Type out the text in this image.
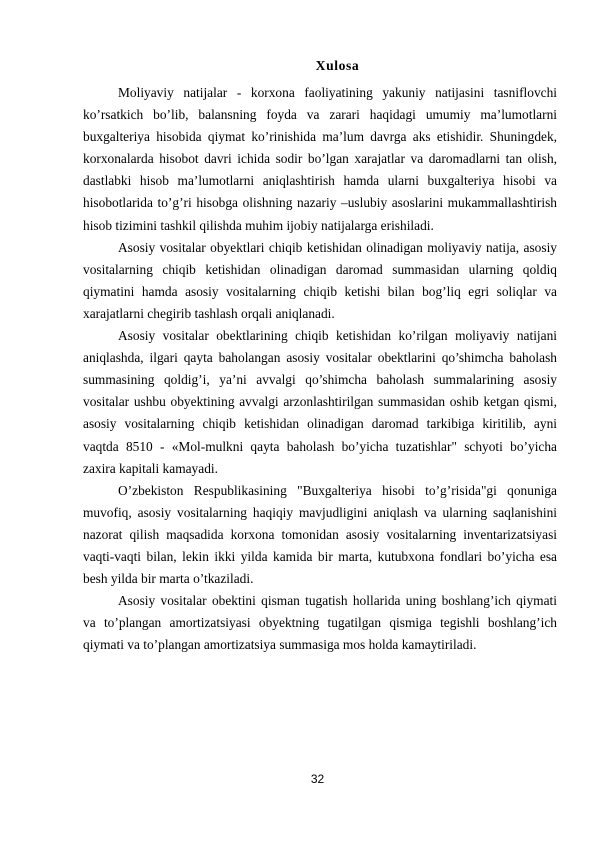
Xulosa

Moliyaviy natijalar - korxona faoliyatining yakuniy natijasini tasniflovchi ko’rsatkich bo’lib, balansning foyda va zarari haqidagi umumiy ma’lumotlarni buxgalteriya hisobida qiymat ko’rinishida ma’lum davrga aks etishidir. Shuningdek, korxonalarda hisobot davri ichida sodir bo’lgan xarajatlar va daromadlarni tan olish, dastlabki hisob ma’lumotlarni aniqlashtirish hamda ularni buxgalteriya hisobi va hisobotlarida to’g’ri hisobga olishning nazariy –uslubiy asoslarini mukammallashtirish hisob tizimini tashkil qilishda muhim ijobiy natijalarga erishiladi.

Asosiy vositalar obyektlari chiqib ketishidan olinadigan moliyaviy natija, asosiy vositalarning chiqib ketishidan olinadigan daromad summasidan ularning qoldiq qiymatini hamda asosiy vositalarning chiqib ketishi bilan bog’liq egri soliqlar va xarajatlarni chegirib tashlash orqali aniqlanadi.

Asosiy vositalar obektlarining chiqib ketishidan ko’rilgan moliyaviy natijani aniqlashda, ilgari qayta baholangan asosiy vositalar obektlarini qo’shimcha baholash summasining qoldig’i, ya’ni avvalgi qo’shimcha baholash summalarining asosiy vositalar ushbu obyektining avvalgi arzonlashtirilgan summasidan oshib ketgan qismi, asosiy vositalarning chiqib ketishidan olinadigan daromad tarkibiga kiritilib, ayni vaqtda 8510 - «Mol-mulkni qayta baholash bo’yicha tuzatishlar" schyoti bo’yicha zaxira kapitali kamayadi.

O’zbekiston Respublikasining "Buxgalteriya hisobi to’g’risida"gi qonuniga muvofiq, asosiy vositalarning haqiqiy mavjudligini aniqlash va ularning saqlanishini nazorat qilish maqsadida korxona tomonidan asosiy vositalarning inventarizatsiyasi vaqti-vaqti bilan, lekin ikki yilda kamida bir marta, kutubxona fondlari bo’yicha esa besh yilda bir marta o’tkaziladi.

Asosiy vositalar obektini qisman tugatish hollarida uning boshlang’ich qiymati va to’plangan amortizatsiyasi obyektning tugatilgan qismiga tegishli boshlang’ich qiymati va to’plangan amortizatsiya summasiga mos holda kamaytiriladi.

32
